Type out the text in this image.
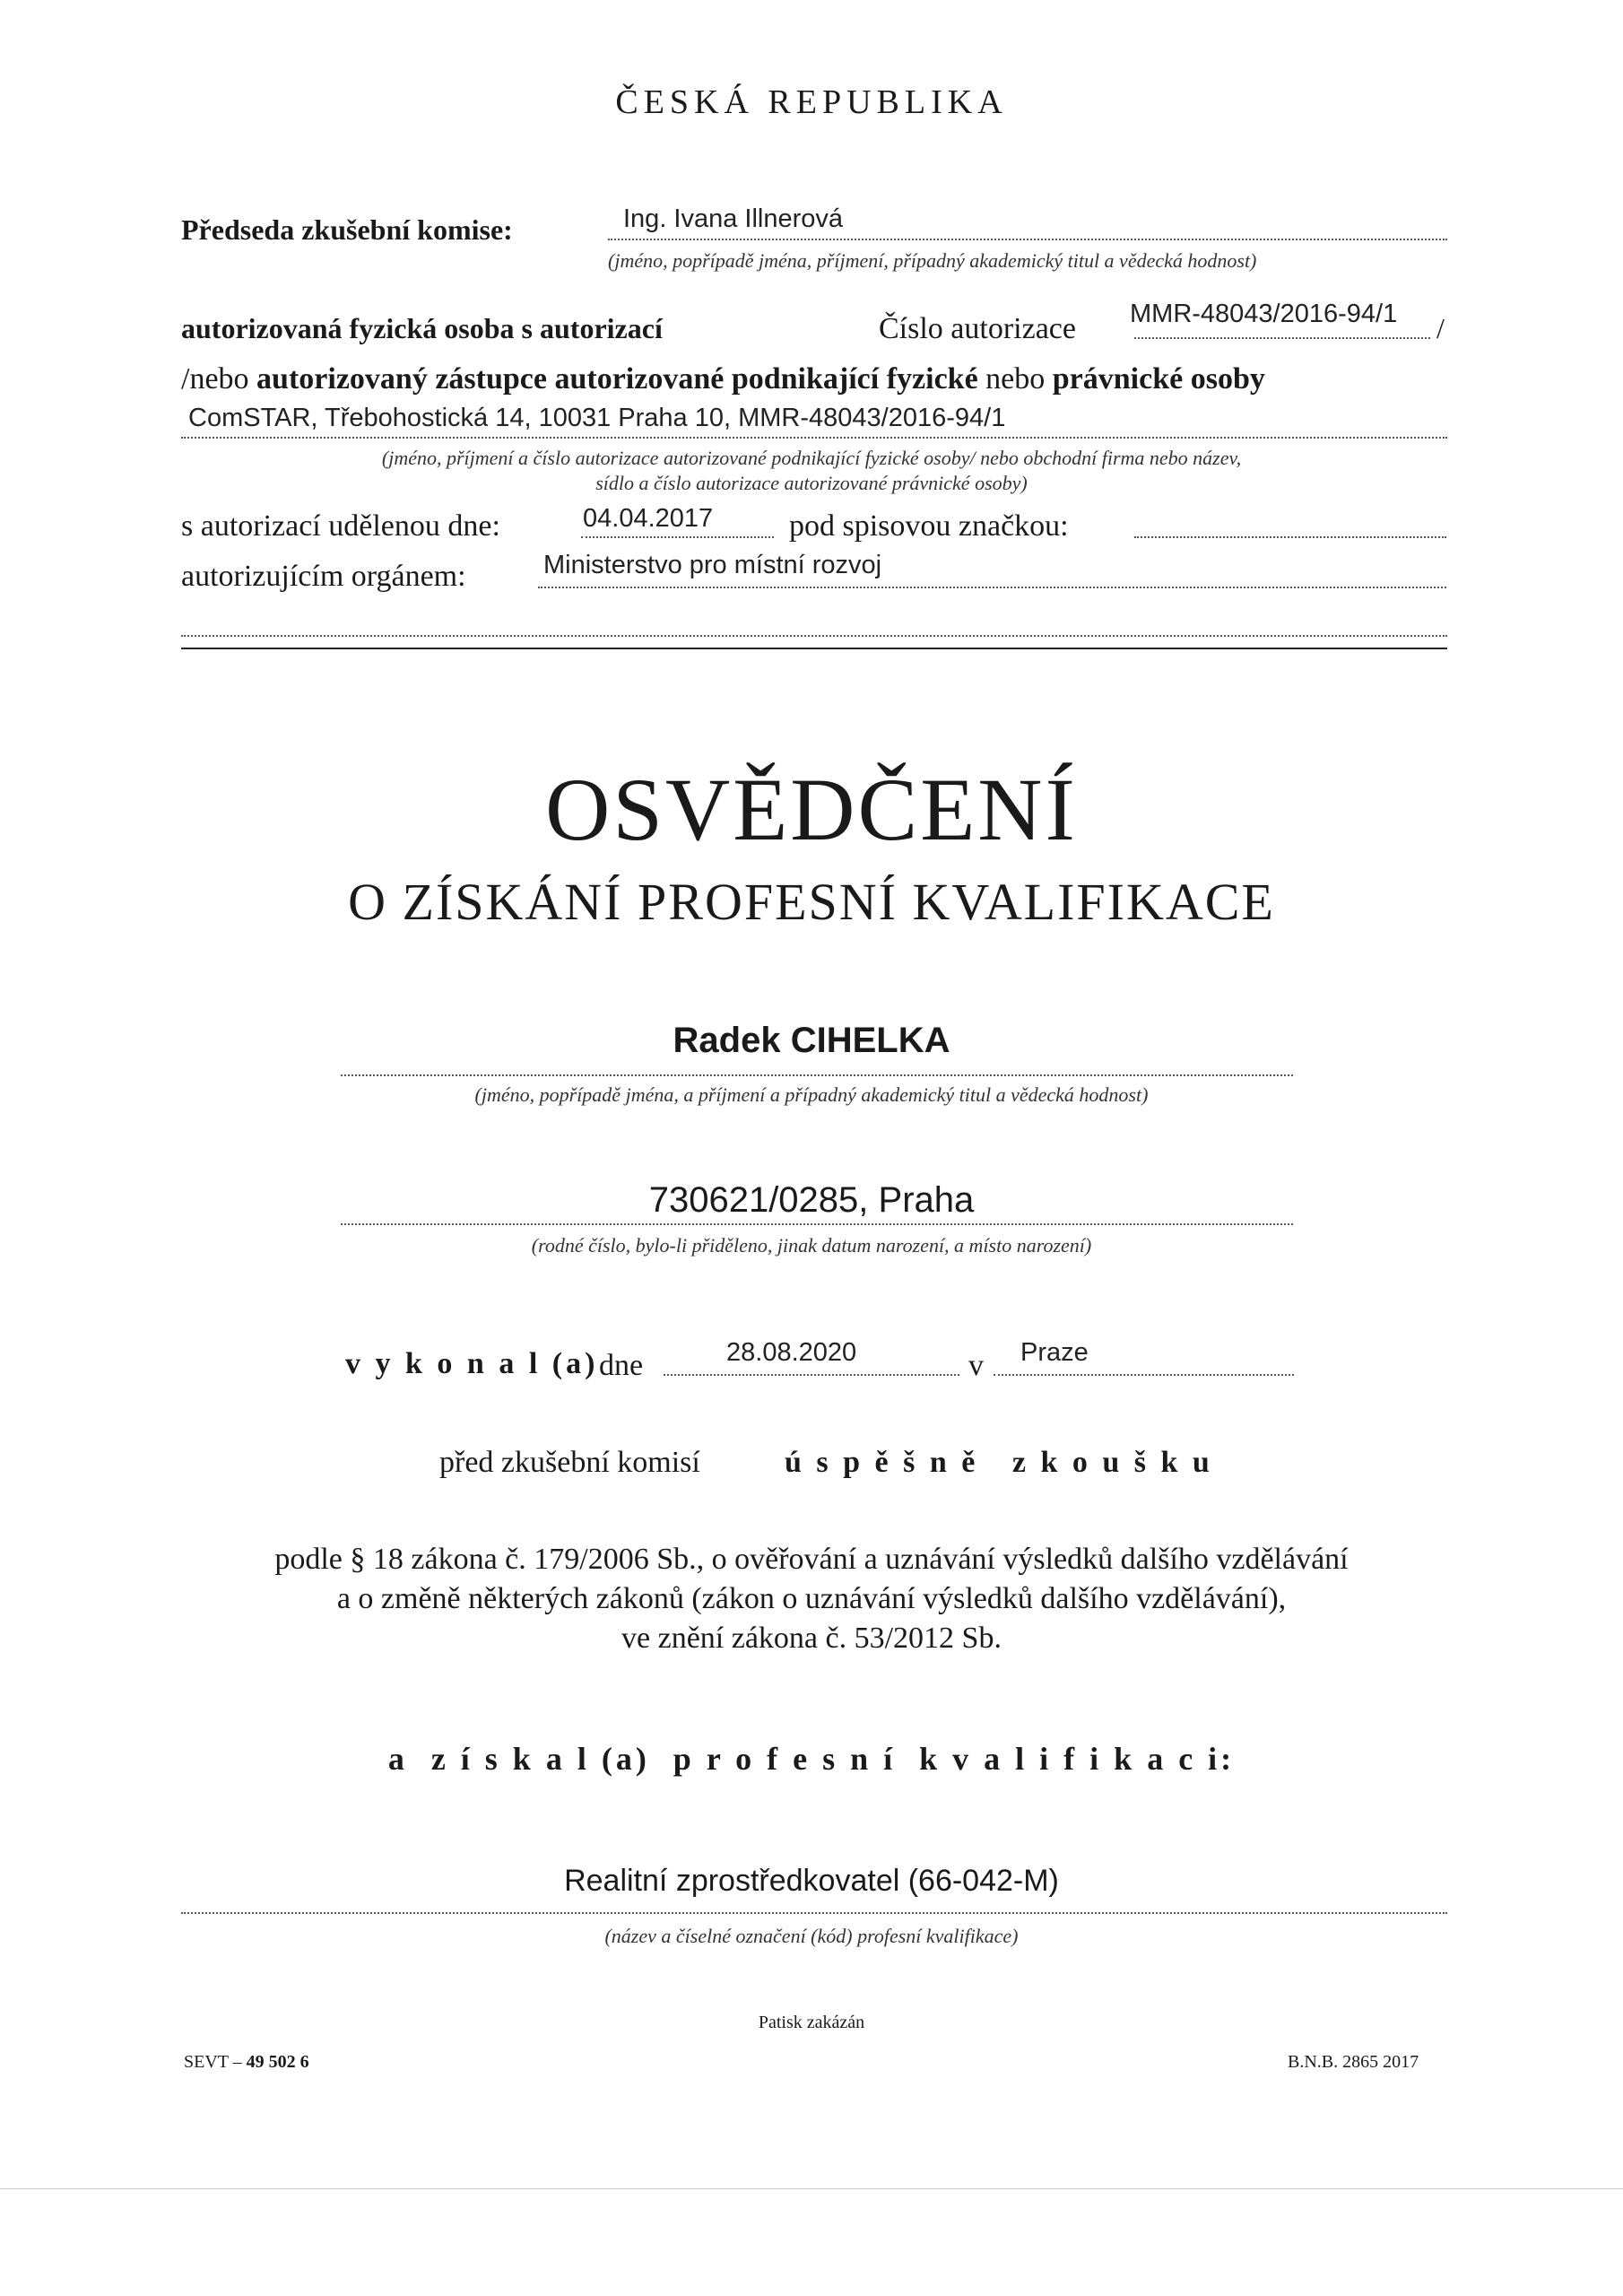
ČESKÁ REPUBLIKA
Předseda zkušební komise:	Ing. Ivana Illnerová
(jméno, popřípadě jména, příjmení, případný akademický titul a vědecká hodnost)
autorizovaná fyzická osoba s autorizací	Číslo autorizace MMR-48043/2016-94/1 /
/nebo autorizovaný zástupce autorizované podnikající fyzické nebo právnické osoby
ComSTAR, Třebohostická 14, 10031 Praha 10, MMR-48043/2016-94/1
(jméno, příjmení a číslo autorizace autorizované podnikající fyzické osoby/ nebo obchodní firma nebo název,
sídlo a číslo autorizace autorizované právnické osoby)
s autorizací udělenou dne:	04.04.2017 pod spisovou značkou:
autorizujícím orgánem:	Ministerstvo pro místní rozvoj
OSVĚDČENÍ
O ZÍSKÁNÍ PROFESNÍ KVALIFIKACE
Radek CIHELKA
(jméno, popřípadě jména, a příjmení a případný akademický titul a vědecká hodnost)
730621/0285, Praha
(rodné číslo, bylo-li přiděleno, jinak datum narození, a místo narození)
v y k o n a l (a) dne	28.08.2020	v Praze
před zkušební komisí	ú s p ě š n ě   z k o u š k u
podle § 18 zákona č. 179/2006 Sb., o ověřování a uznávání výsledků dalšího vzdělávání
a o změně některých zákonů (zákon o uznávání výsledků dalšího vzdělávání),
ve znění zákona č. 53/2012 Sb.
a  z í s k a l (a)  p r o f e s n í  k v a l i f i k a c i:
Realitní zprostředkovatel (66-042-M)
(název a číselné označení (kód) profesní kvalifikace)
Patisk zakázán
SEVT – 49 502 6	B.N.B. 2865 2017
